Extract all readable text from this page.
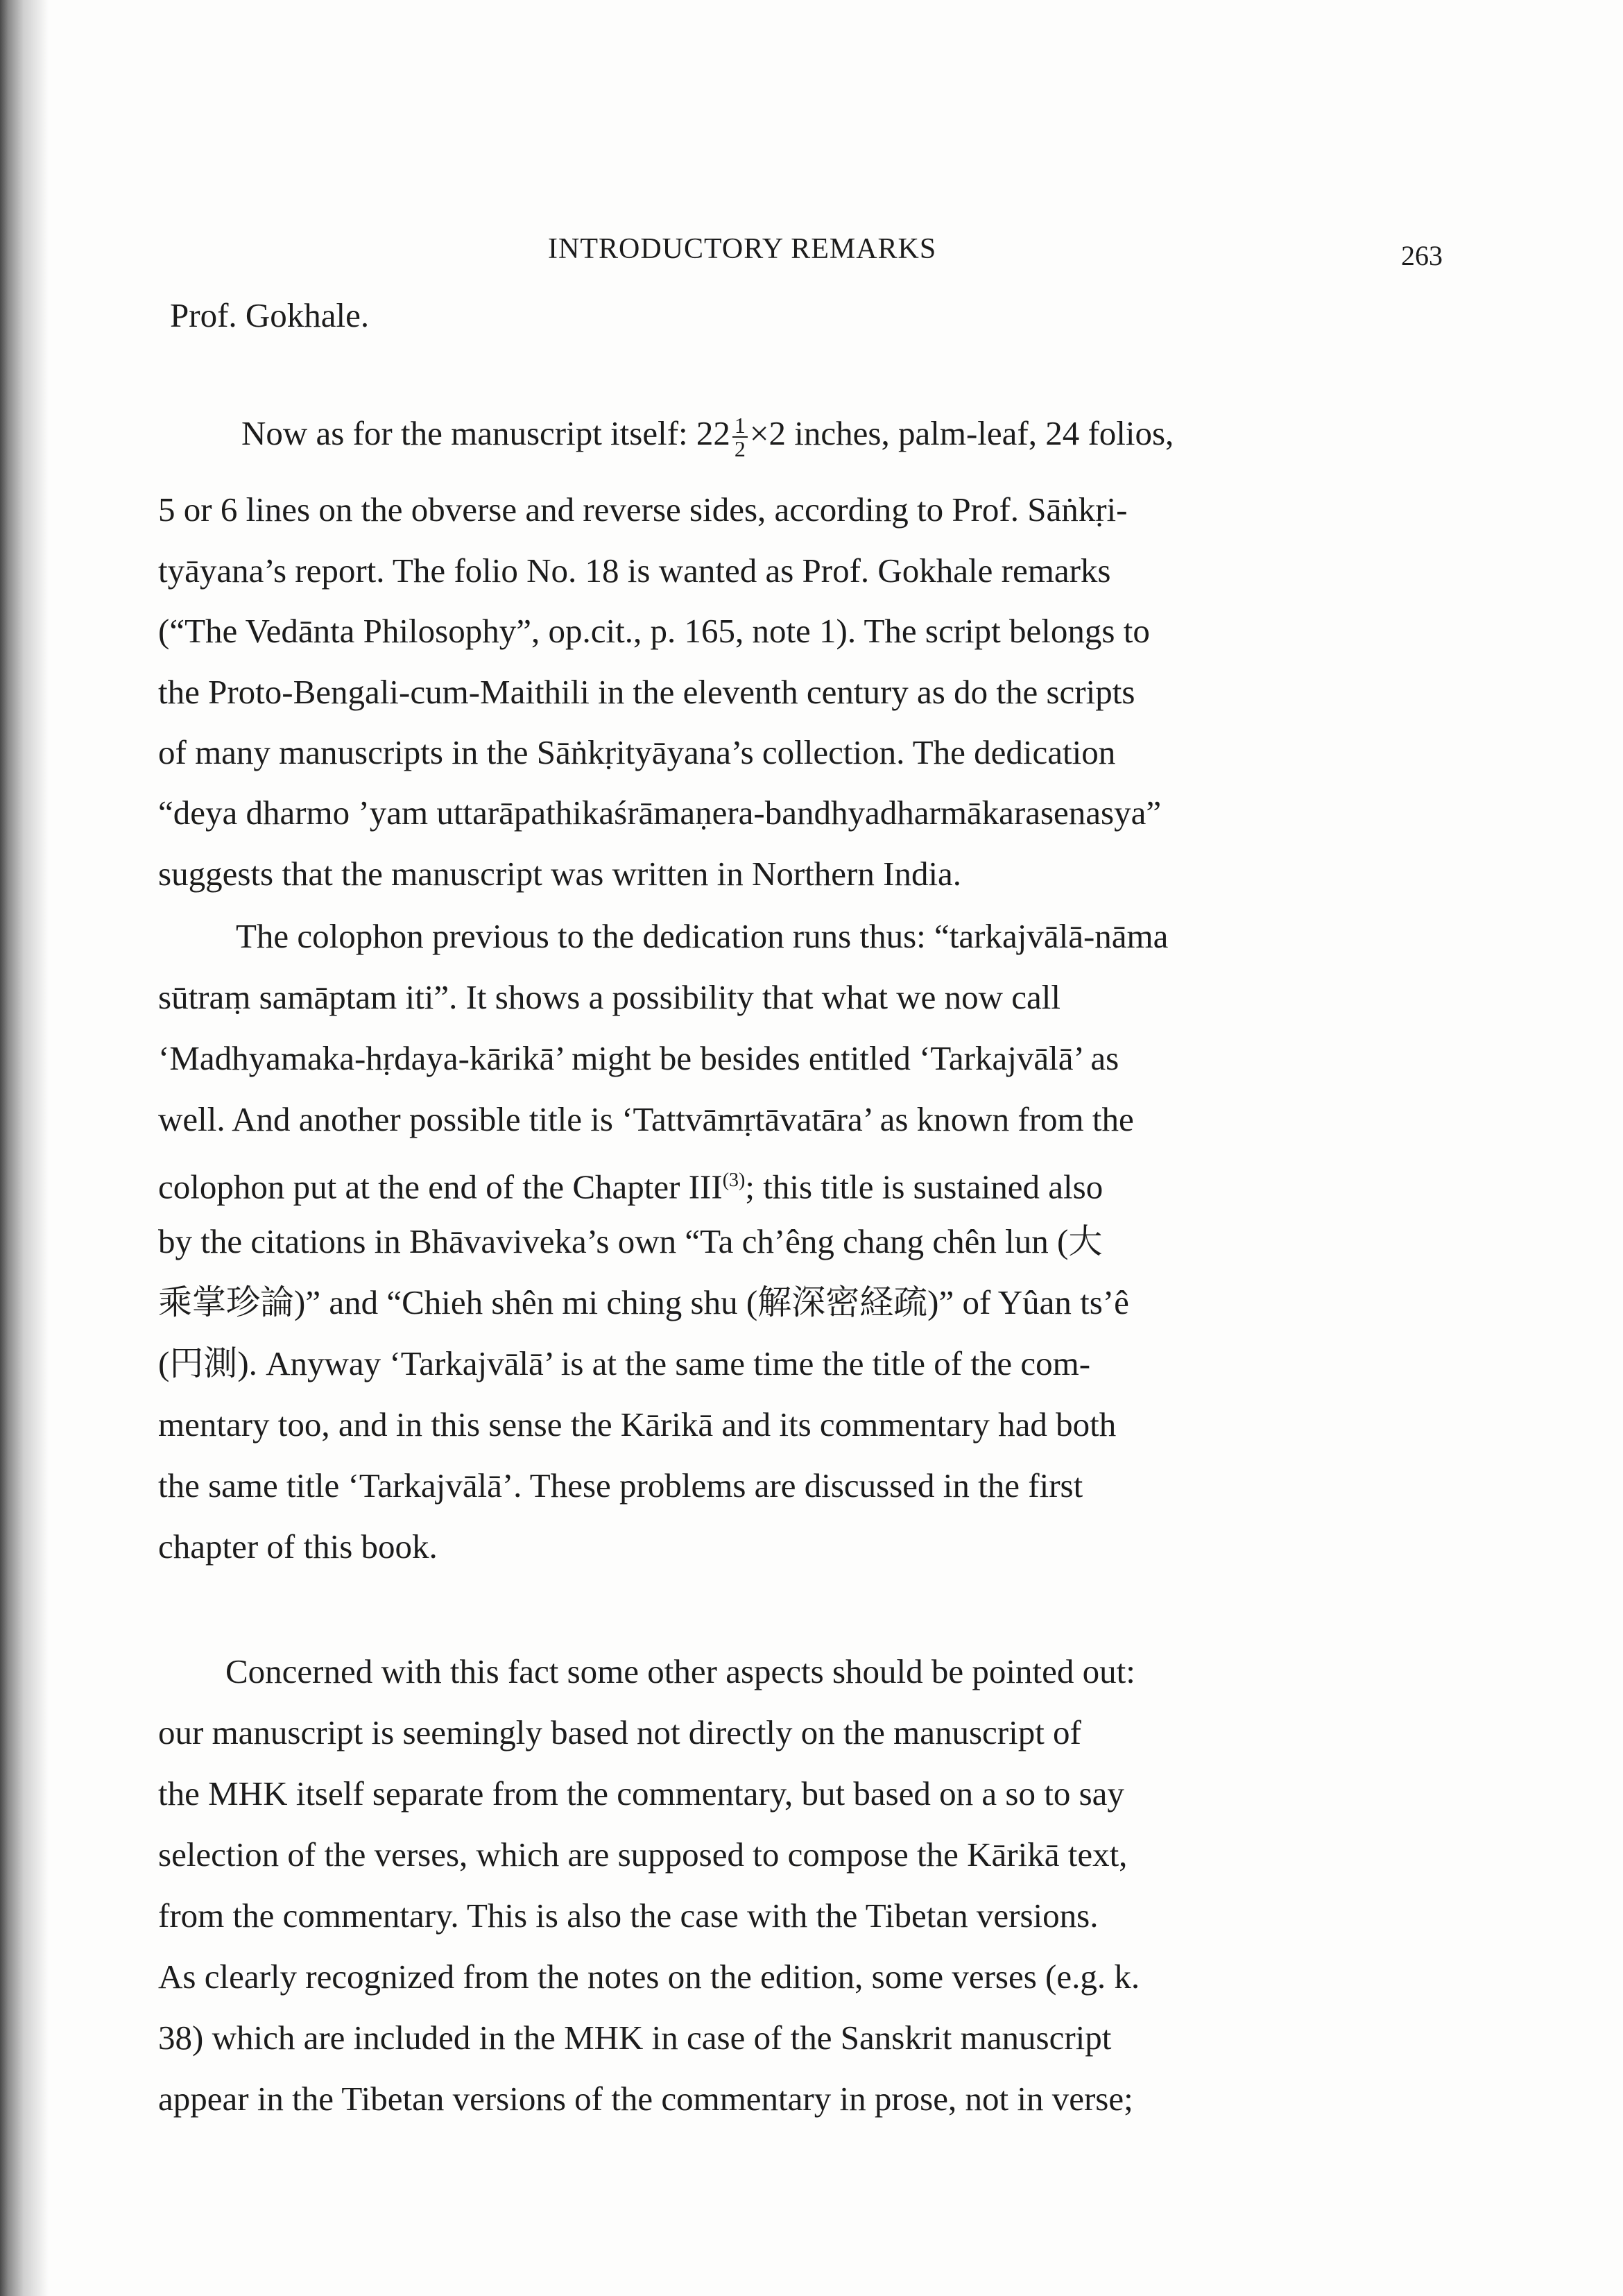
INTRODUCTORY REMARKS	263
Prof. Gokhale.
Now as for the manuscript itself: $22 \frac{1}{2} \times 2$ inches, palm-leaf, 24 folios,
5 or 6 lines on the obverse and reverse sides, according to Prof. Sāṅkṛi-
tyāyana’s report. The folio No. 18 is wanted as Prof. Gokhale remarks
(“The Vedānta Philosophy”, op.cit., p. 165, note 1). The script belongs to
the Proto-Bengali-cum-Maithili in the eleventh century as do the scripts
of many manuscripts in the Sāṅkṛityāyana’s collection. The dedication
“deya dharmo ’yam uttarāpathikaśrāmaṇera-bandhyadharmākarasenasya”
suggests that the manuscript was written in Northern India.
The colophon previous to the dedication runs thus: “tarkajvālā-nāma
sūtraṃ samāptam iti”. It shows a possibility that what we now call
‘Madhyamaka-hṛdaya-kārikā’ might be besides entitled ‘Tarkajvālā’ as
well. And another possible title is ‘Tattvāmṛtāvatāra’ as known from the
colophon put at the end of the Chapter III$^{(3)}$; this title is sustained also
by the citations in Bhāvaviveka’s own “Ta ch’êng chang chên lun (大
乘掌珍論)” and “Chieh shên mi ching shu (解深密経疏)” of Yûan ts’ê
(円測). Anyway ‘Tarkajvālā’ is at the same time the title of the com-
mentary too, and in this sense the Kārikā and its commentary had both
the same title ‘Tarkajvālā’. These problems are discussed in the first
chapter of this book.
Concerned with this fact some other aspects should be pointed out:
our manuscript is seemingly based not directly on the manuscript of
the MHK itself separate from the commentary, but based on a so to say
selection of the verses, which are supposed to compose the Kārikā text,
from the commentary. This is also the case with the Tibetan versions.
As clearly recognized from the notes on the edition, some verses (e.g. k.
38) which are included in the MHK in case of the Sanskrit manuscript
appear in the Tibetan versions of the commentary in prose, not in verse;
